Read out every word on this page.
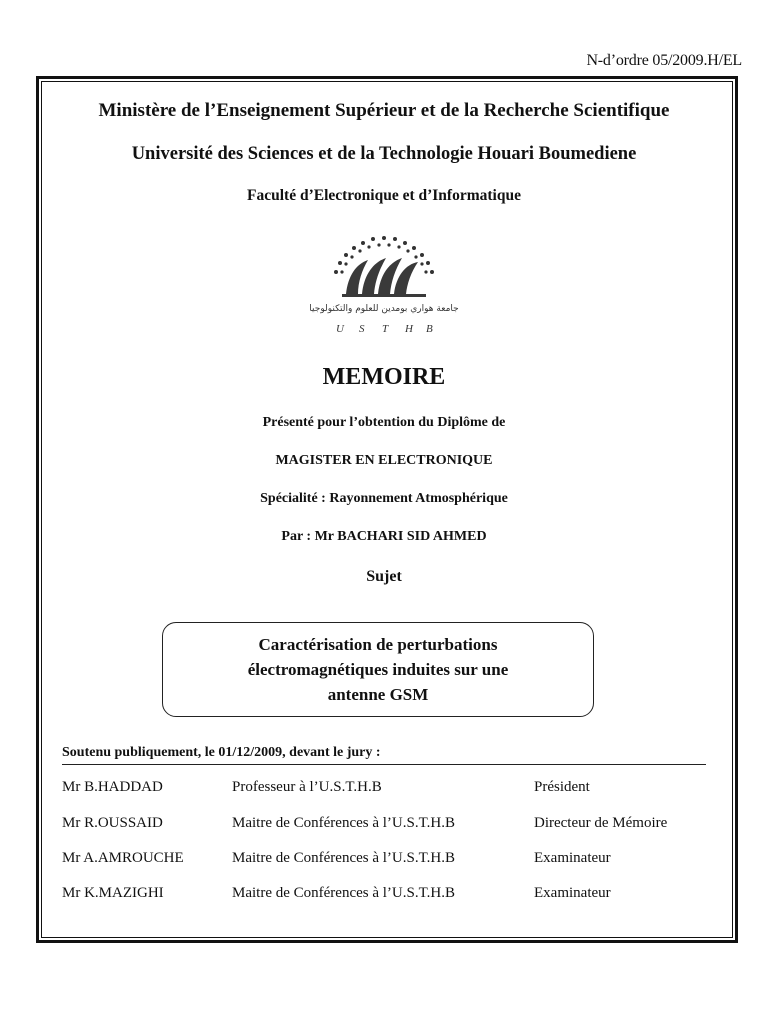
N-d’ordre 05/2009.H/EL
Ministère de l’Enseignement Supérieur et de la Recherche Scientifique
Université des Sciences et de la Technologie Houari Boumediene
Faculté d’Electronique et d’Informatique
جامعة هواري بومدين للعلوم والتكنولوجيا
U S T H B
MEMOIRE
Présenté pour l’obtention du Diplôme de
MAGISTER EN ELECTRONIQUE
Spécialité : Rayonnement Atmosphérique
Par : Mr BACHARI SID AHMED
Sujet
Caractérisation de perturbations
électromagnétiques induites sur une
antenne GSM
Soutenu publiquement, le 01/12/2009, devant le jury :
Mr B.HADDAD	Professeur à l’U.S.T.H.B	Président
Mr R.OUSSAID	Maitre de Conférences à l’U.S.T.H.B	Directeur de Mémoire
Mr A.AMROUCHE	Maitre de Conférences à l’U.S.T.H.B	Examinateur
Mr K.MAZIGHI	Maitre de Conférences à l’U.S.T.H.B	Examinateur
